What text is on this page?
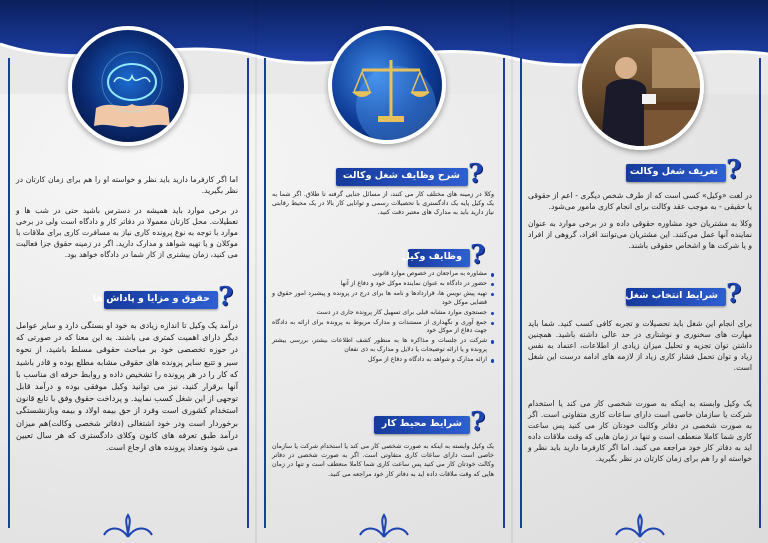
اما اگر کارفرما دارید باید نظر و خواسته او را هم برای زمان کارتان در نظر بگیرید.

در برخی موارد باید همیشه در دسترس باشید حتی در شب ها و تعطیلات. محل کارتان معمولا در دفاتر کار و دادگاه است ولی در برخی موارد با توجه به نوع پرونده کاری نیاز به مسافرت کاری برای ملاقات با موکلان و یا تهیه شواهد و مدارک دارید. اگر در زمینه حقوق جزا فعالیت می کنید، زمان بیشتری از کار شما در دادگاه خواهد بود.

حقوق و مزایا و پاداش ها ?

درآمد یک وکیل تا اندازه زیادی به خود او بستگی دارد و سایر عوامل دیگر دارای اهمیت کمتری می باشند. به این معنا که در صورتی که در حوزه تخصصی خود بر مباحث حقوقی مسلط باشید، از نحوه سیر و تتبع سایر پرونده های حقوقی مشابه مطلع بوده و قادر باشید که کار را در هر پرونده را تشخیص داده و روابط حرفه ای مناسب با آنها برقرار کنید، نیز می توانید وکیل موفقی بوده و درآمد قابل توجهی از این شغل کسب نمایید. و پرداخت حقوق وفق با تابع قانون استخدام کشوری است وفرد از حق بیمه اولاد و بیمه وبازنشستگی برخوردار است ودر خود اشتغالی (دفاتر شخصی وکالت)هم میزان درآمد طبق تعرفه های کانون وکلای دادگستری که هر سال تعیین می شود وتعداد پرونده های ارجاع است.

شرح وظایف شغل وکالت ?

وکلا در زمینه های مختلف کار می کنند، از مسائل جنایی گرفته تا طلاق. اگر شما به یک وکیل پایه یک دادگستری با تحصیلات رسمی و توانایی کار بالا در یک محیط رقابتی نیاز دارید باید به مدارک های معتبر دقت کنید.

وظایف وکیل ?
مشاوره به مراجعان در خصوص موارد قانونی
حضور در دادگاه به عنوان نماینده موکل خود و دفاع از آنها
تهیه پیش نویس ها، قراردادها و نامه ها برای درج در پرونده و پیشبرد امور حقوق و قضایی موکل خود
جستجوی موارد مشابه قبلی برای تسهیل کار پرونده جاری در دست
جمع آوری و نگهداری از مستندات و مدارک مربوط به پرونده برای ارائه به دادگاه جهت دفاع از موکل خود
شرکت در جلسات و مذاکره ها به منظور کشف اطلاعات بیشتر، بررسی بیشتر پرونده و یا ارائه توضیحات یا دلایل و مدارک به ذی نفعان
ارائه مدارک و شواهد به دادگاه و دفاع از موکل
شرایط محیط کار ?

یک وکیل وابسته به اینکه به صورت شخصی کار می کند یا استخدام شرکت یا سازمان خاصی است دارای ساعات کاری متفاوتی است. اگر به صورت شخصی در دفاتر وکالت خودتان کار می کنید پس ساعت کاری شما کاملا منعطف است و تنها در زمان هایی که وقت ملاقات داده اید به دفاتر کار خود مراجعه می کنید.

تعریف شغل وکالت ?

در لغت «وکیل» کسی است که از طرف شخص دیگری - اعم از حقوقی یا حقیقی - به موجب عقد وکالت برای انجام کاری مامور می‌شود.

وکلا به مشتریان خود مشاوره حقوقی داده و در برخی موارد به عنوان نماینده آنها عمل می‌کنند. این مشتریان می‌توانند افراد، گروهی از افراد و یا شرکت ها و اشخاص حقوقی باشند.

شرایط انتخاب شغل ?

برای انجام این شغل باید تحصیلات و تجربه کافی کسب کنید. شما باید مهارت های سخنوری و نوشتاری در حد عالی داشته باشید. همچنین داشتن توان تجزیه و تحلیل میزان زیادی از اطلاعات، اعتماد به نفس زیاد و توان تحمل فشار کاری زیاد از لازمه های ادامه درست این شغل است.

یک وکیل وابسته به اینکه به صورت شخصی کار می کند یا استخدام شرکت یا سازمان خاصی است دارای ساعات کاری متفاوتی است. اگر به صورت شخصی در دفاتر وکالت خودتان کار می کنید پس ساعت کاری شما کاملا منعطف است و تنها در زمان هایی که وقت ملاقات داده اید به دفاتر کار خود مراجعه می کنید. اما اگر کارفرما دارید باید نظر و خواسته او را هم برای زمان کارتان در نظر بگیرید.
